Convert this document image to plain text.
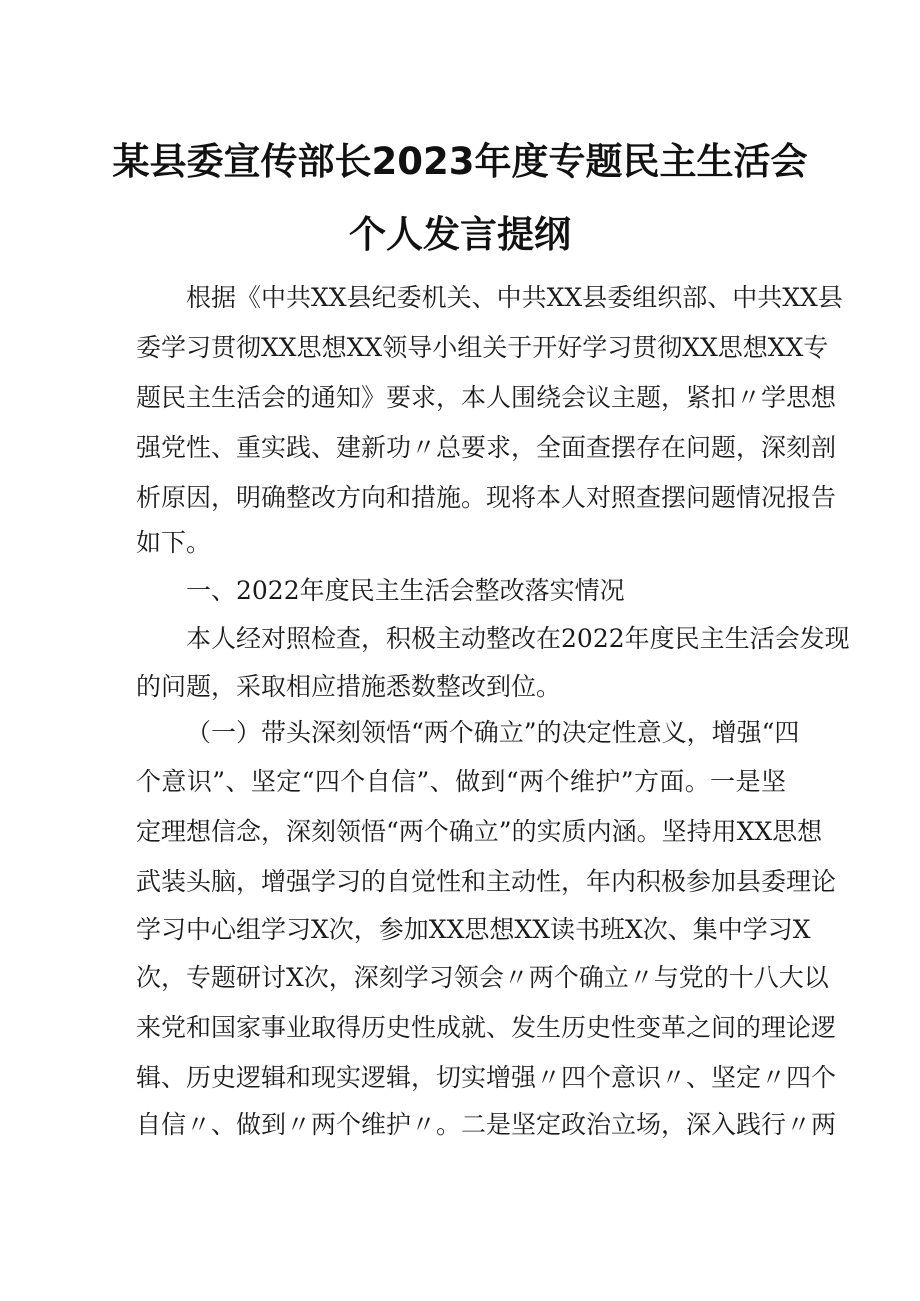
某县委宣传部长2023年度专题民主生活会
个人发言提纲
根据《中共XX县纪委机关、中共XX县委组织部、中共XX县
委学习贯彻XX思想XX领导小组关于开好学习贯彻XX思想XX专
题民主生活会的通知》要求，本人围绕会议主题，紧扣〃学思想
强党性、重实践、建新功〃总要求，全面查摆存在问题，深刻剖
析原因，明确整改方向和措施。现将本人对照查摆问题情况报告
如下。
一、2022年度民主生活会整改落实情况
本人经对照检查，积极主动整改在2022年度民主生活会发现
的问题，采取相应措施悉数整改到位。
（一）带头深刻领悟“两个确立”的决定性意义，增强“四
个意识”、坚定“四个自信”、做到“两个维护”方面。一是坚
定理想信念，深刻领悟“两个确立”的实质内涵。坚持用XX思想
武装头脑，增强学习的自觉性和主动性，年内积极参加县委理论
学习中心组学习X次，参加XX思想XX读书班X次、集中学习X
次，专题研讨X次，深刻学习领会〃两个确立〃与党的十八大以
来党和国家事业取得历史性成就、发生历史性变革之间的理论逻
辑、历史逻辑和现实逻辑，切实增强〃四个意识〃、坚定〃四个
自信〃、做到〃两个维护〃。二是坚定政治立场，深入践行〃两
